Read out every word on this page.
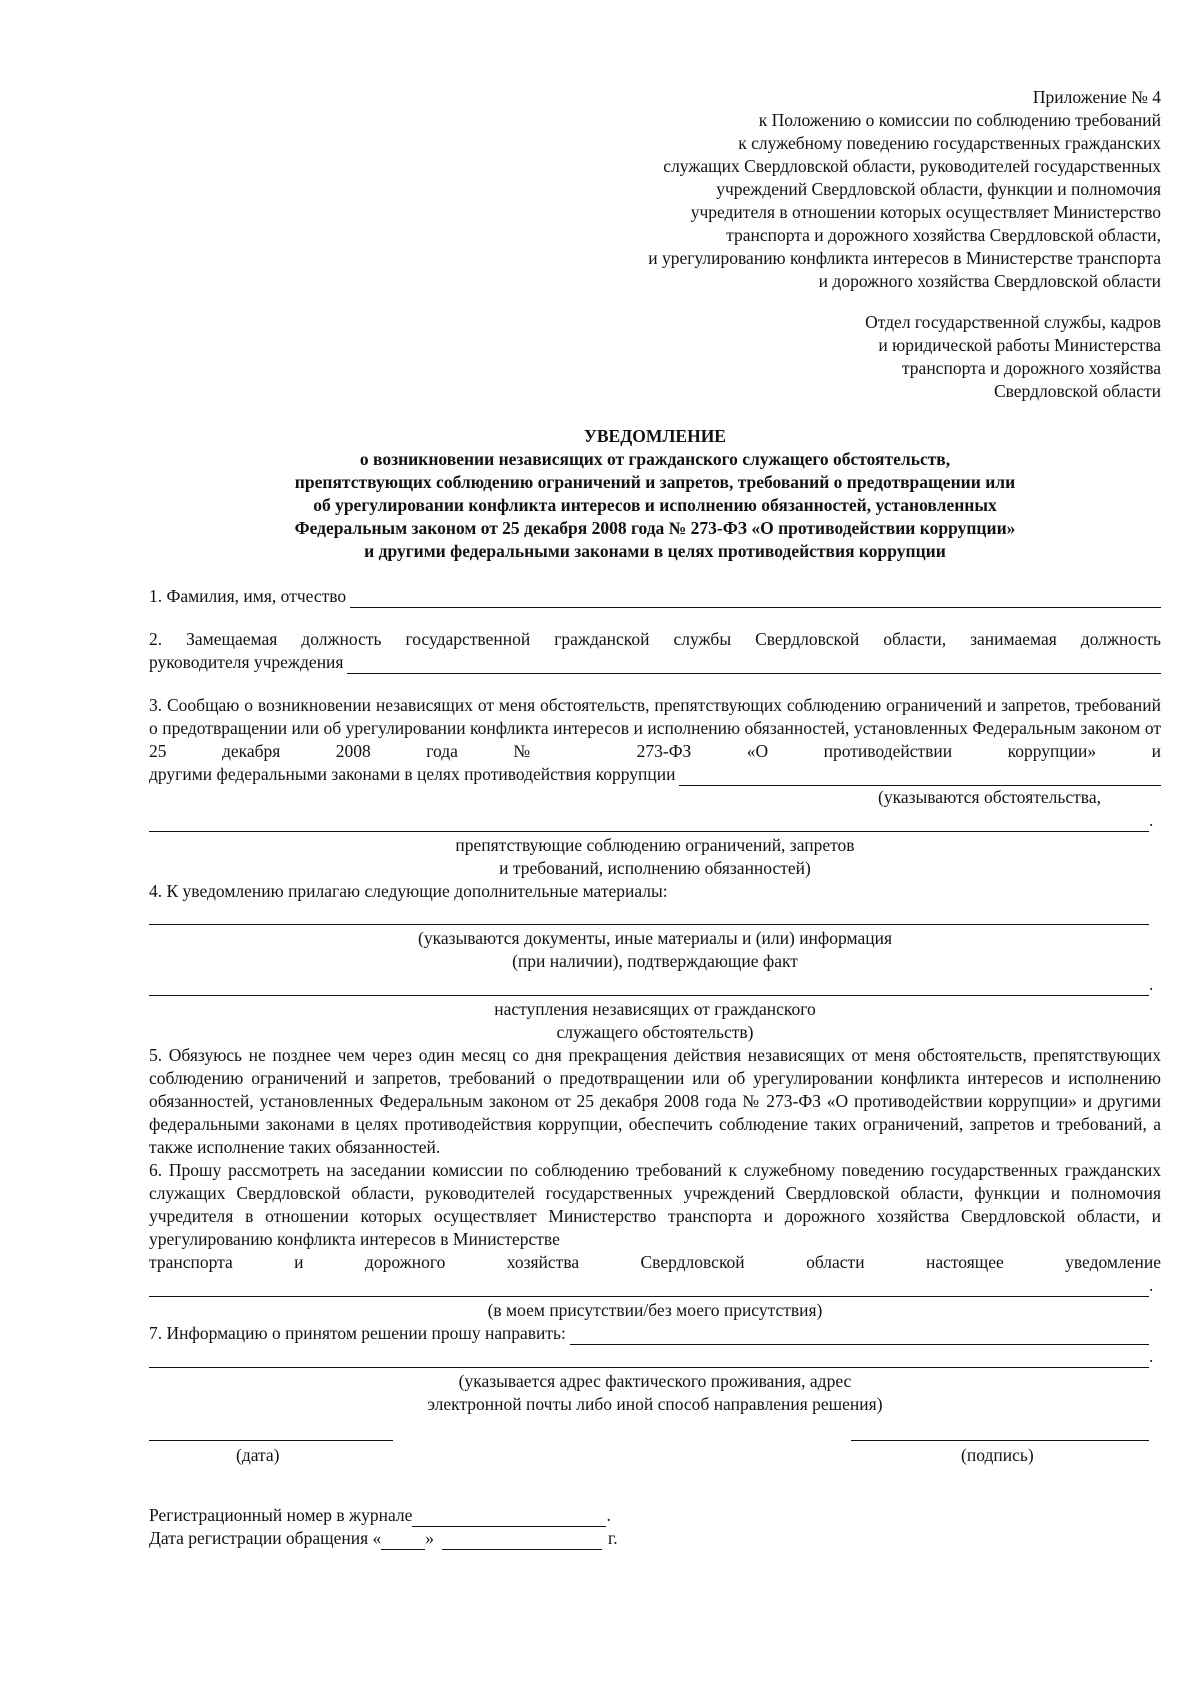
Приложение № 4

к Положению о комиссии по соблюдению требований

к служебному поведению государственных гражданских

служащих Свердловской области, руководителей государственных

учреждений Свердловской области, функции и полномочия

учредителя в отношении которых осуществляет Министерство

транспорта и дорожного хозяйства Свердловской области,

и урегулированию конфликта интересов в Министерстве транспорта

и дорожного хозяйства Свердловской области

Отдел государственной службы, кадров

и юридической работы Министерства

транспорта и дорожного хозяйства

Свердловской области

УВЕДОМЛЕНИЕ

о возникновении независящих от гражданского служащего обстоятельств,

препятствующих соблюдению ограничений и запретов, требований о предотвращении или

об урегулировании конфликта интересов и исполнению обязанностей, установленных

Федеральным законом от 25 декабря 2008 года № 273-ФЗ «О противодействии коррупции»

и другими федеральными законами в целях противодействия коррупции

1. Фамилия, имя, отчество

2. Замещаемая должность государственной гражданской службы Свердловской области, занимаемая должность

руководителя учреждения

3. Сообщаю о возникновении независящих от меня обстоятельств, препятствующих соблюдению ограничений и запретов, требований о предотвращении или об урегулировании конфликта интересов и исполнению обязанностей, установленных Федеральным законом от 25 декабря 2008 года № 273-ФЗ «О противодействии коррупции» и

другими федеральными законами в целях противодействия коррупции

(указываются обстоятельства,

.

препятствующие соблюдению ограничений, запретов

и требований, исполнению обязанностей)

4. К уведомлению прилагаю следующие дополнительные материалы:

(указываются документы, иные материалы и (или) информация

(при наличии), подтверждающие факт

.

наступления независящих от гражданского

служащего обстоятельств)

5. Обязуюсь не позднее чем через один месяц со дня прекращения действия независящих от меня обстоятельств, препятствующих соблюдению ограничений и запретов, требований о предотвращении или об урегулировании конфликта интересов и исполнению обязанностей, установленных Федеральным законом от 25 декабря 2008 года № 273-ФЗ «О противодействии коррупции» и другими федеральными законами в целях противодействия коррупции, обеспечить соблюдение таких ограничений, запретов и требований, а также исполнение таких обязанностей.

6. Прошу рассмотреть на заседании комиссии по соблюдению требований к служебному поведению государственных гражданских служащих Свердловской области, руководителей государственных учреждений Свердловской области, функции и полномочия учредителя в отношении которых осуществляет Министерство транспорта и дорожного хозяйства Свердловской области, и урегулированию конфликта интересов в Министерстве

транспорта и дорожного хозяйства Свердловской области настоящее уведомление

.

(в моем присутствии/без моего присутствия)

7. Информацию о принятом решении прошу направить:
.

(указывается адрес фактического проживания, адрес

электронной почты либо иной способ направления решения)

(дата)	(подпись)
Регистрационный номер в журнале	.
Дата регистрации обращения «	»	г.
